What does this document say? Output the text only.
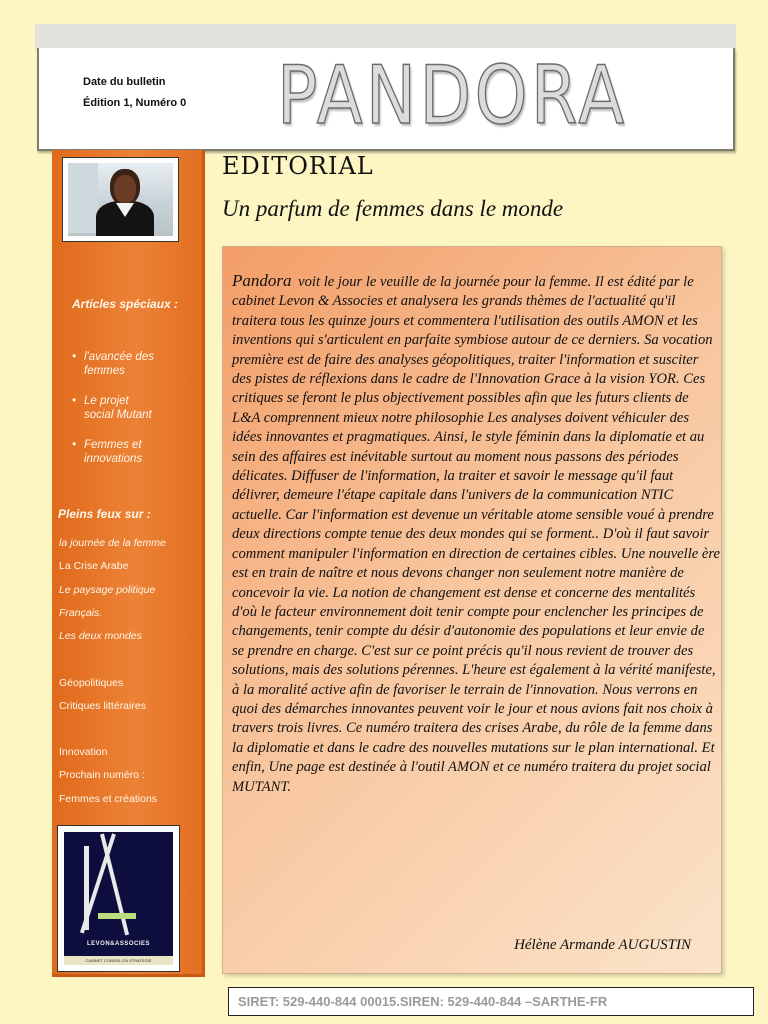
Date du bulletin
Édition 1, Numéro 0 PANDORA
Articles spéciaux :
• l'avancée des femmes
• Le projet social Mutant
• Femmes et innovations
Pleins feux sur :
la journée de la femme
La Crise Arabe
Le paysage politique
Français.
Les deux mondes
Géopolitiques
Critiques littéraires
Innovation
Prochain numéro :
Femmes et créations
LEVON&ASSOCIES
CABINET CONSEIL EN STRATEGIE
EDITORIAL
Un parfum de femmes dans le monde
Pandora voit le jour le veuille de la journée pour la femme. Il est édité par le cabinet Levon & Associes et analysera les grands thèmes de l'actualité qu'il traitera tous les quinze jours et commentera l'utilisation des outils AMON et les inventions qui s'articulent en parfaite symbiose autour de ce derniers. Sa vocation première est de faire des analyses géopolitiques, traiter l'information et susciter des pistes de réflexions dans le cadre de l'Innovation Grace à la vision YOR. Ces critiques se feront le plus objectivement possibles afin que les futurs clients de L&A comprennent mieux notre philosophie Les analyses doivent véhiculer des idées innovantes et pragmatiques. Ainsi, le style féminin dans la diplomatie et au sein des affaires est inévitable surtout au moment nous passons des périodes délicates. Diffuser de l'information, la traiter et savoir le message qu'il faut délivrer, demeure l'étape capitale dans l'univers de la communication NTIC actuelle. Car l'information est devenue un véritable atome sensible voué à prendre deux directions compte tenue des deux mondes qui se forment.. D'où il faut savoir comment manipuler l'information en direction de certaines cibles. Une nouvelle ère est en train de naître et nous devons changer non seulement notre manière de concevoir la vie. La notion de changement est dense et concerne des mentalités d'où le facteur environnement doit tenir compte pour enclencher les principes de changements, tenir compte du désir d'autonomie des populations et leur envie de se prendre en charge. C'est sur ce point précis qu'il nous revient de trouver des solutions, mais des solutions pérennes. L'heure est également à la vérité manifeste, à la moralité active afin de favoriser le terrain de l'innovation. Nous verrons en quoi des démarches innovantes peuvent voir le jour et nous avions fait nos choix à travers trois livres. Ce numéro traitera des crises Arabe, du rôle de la femme dans la diplomatie et dans le cadre des nouvelles mutations sur le plan international. Et enfin, Une page est destinée à l'outil AMON et ce numéro traitera du projet social MUTANT.
Hélène Armande AUGUSTIN
SIRET: 529-440-844 00015.SIREN: 529-440-844 –SARTHE-FR
